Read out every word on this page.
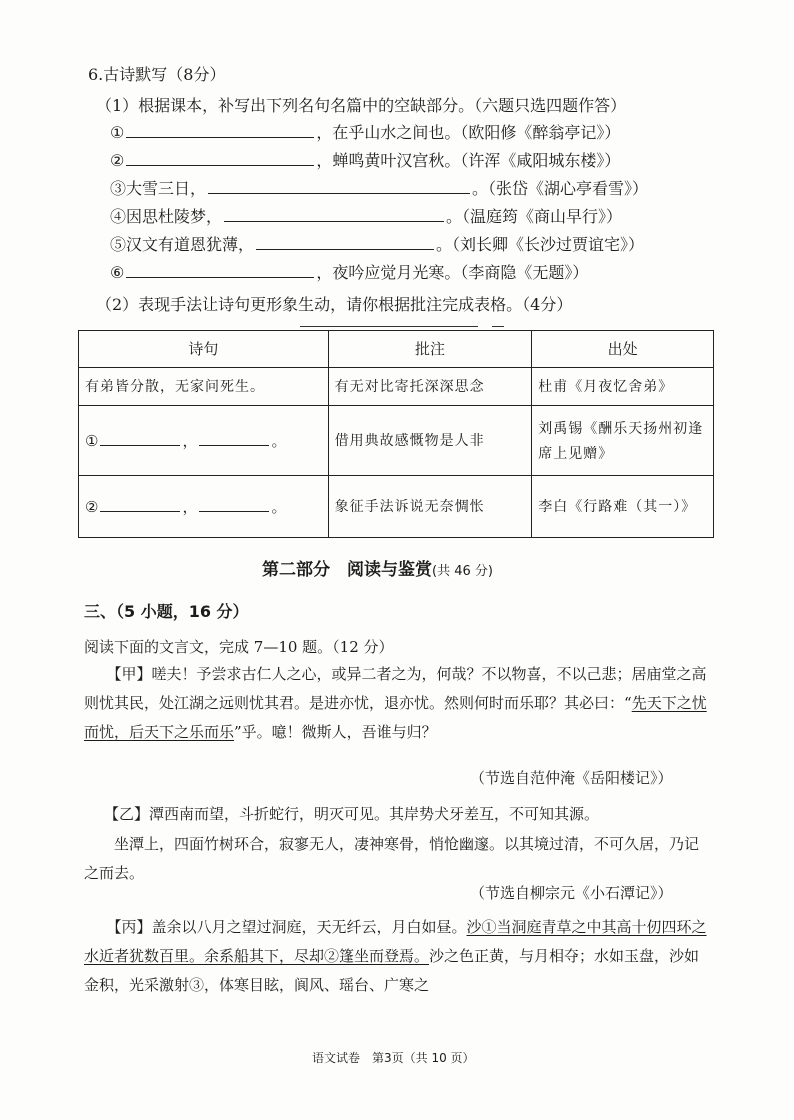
6.古诗默写（8分）
（1）根据课本，补写出下列名句名篇中的空缺部分。（六题只选四题作答）
①	，在乎山水之间也。（欧阳修《醉翁亭记》）
②	，蝉鸣黄叶汉宫秋。（许浑《咸阳城东楼》）
③大雪三日，	。（张岱《湖心亭看雪》）
④因思杜陵梦，	。（温庭筠《商山早行》）
⑤汉文有道恩犹薄，	。（刘长卿《长沙过贾谊宅》）
⑥	，夜吟应觉月光寒。（李商隐《无题》）
（2）表现手法让诗句更形象生动，请你根据批注完成表格。（4分）
诗句	批注	出处
有弟皆分散，无家问死生。	有无对比寄托深深思念	杜甫《月夜忆舍弟》
① ， 。	借用典故感慨物是人非	刘禹锡《酬乐天扬州初逢席上见赠》
② ， 。	象征手法诉说无奈惆怅	李白《行路难（其一）》
第二部分　阅读与鉴赏(共 46 分)
三、（5 小题，16 分）
阅读下面的文言文，完成 7—10 题。（12 分）
【甲】嗟夫！予尝求古仁人之心，或异二者之为，何哉？不以物喜，不以己悲；居庙堂之高则忧其民，处江湖之远则忧其君。是进亦忧，退亦忧。然则何时而乐耶？其必曰：“先天下之忧而忧，后天下之乐而乐”乎。噫！微斯人，吾谁与归？
（节选自范仲淹《岳阳楼记》）
【乙】潭西南而望，斗折蛇行，明灭可见。其岸势犬牙差互，不可知其源。
坐潭上，四面竹树环合，寂寥无人，凄神寒骨，悄怆幽邃。以其境过清，不可久居，乃记之而去。
（节选自柳宗元《小石潭记》）
【丙】盖余以八月之望过洞庭，天无纤云，月白如昼。沙①当洞庭青草之中其高十仞四环之水近者犹数百里。余系船其下，尽却②篷坐而登焉。沙之色正黄，与月相夺；水如玉盘，沙如金积，光采激射③，体寒目眩，阆风、瑶台、广寒之
语文试卷　第3页（共 10 页）
